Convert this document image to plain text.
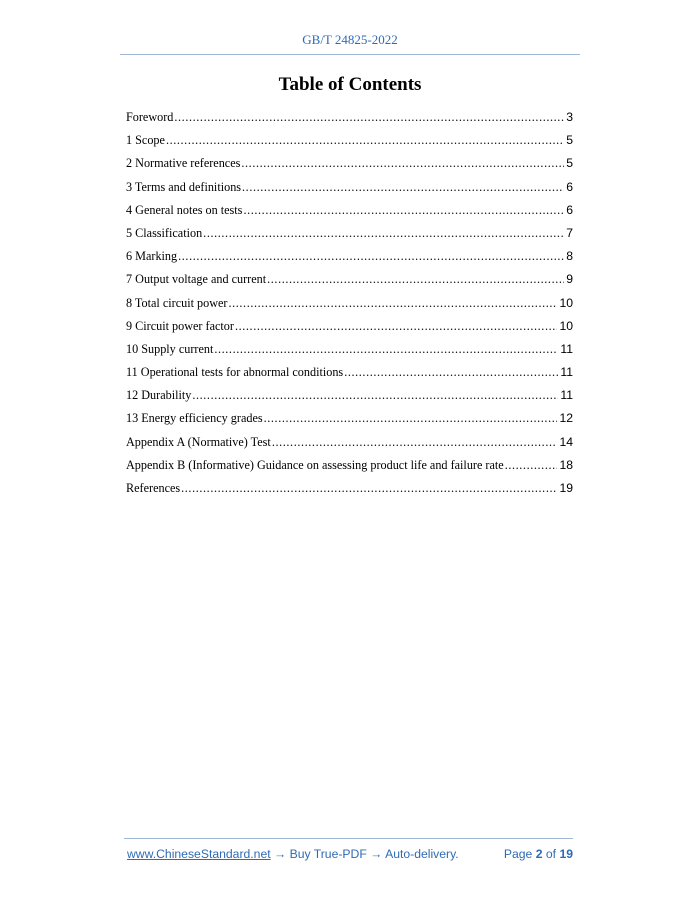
GB/T 24825-2022
Table of Contents
Foreword .....	3
1 Scope .....	5
2 Normative references .....	5
3 Terms and definitions .....	6
4 General notes on tests .....	6
5 Classification .....	7
6 Marking .....	8
7 Output voltage and current .....	9
8 Total circuit power .....	10
9 Circuit power factor .....	10
10 Supply current .....	11
11 Operational tests for abnormal conditions .....	11
12 Durability .....	11
13 Energy efficiency grades .....	12
Appendix A (Normative) Test .....	14
Appendix B (Informative) Guidance on assessing product life and failure rate .....	18
References .....	19
www.ChineseStandard.net → Buy True-PDF → Auto-delivery.	Page 2 of 19
